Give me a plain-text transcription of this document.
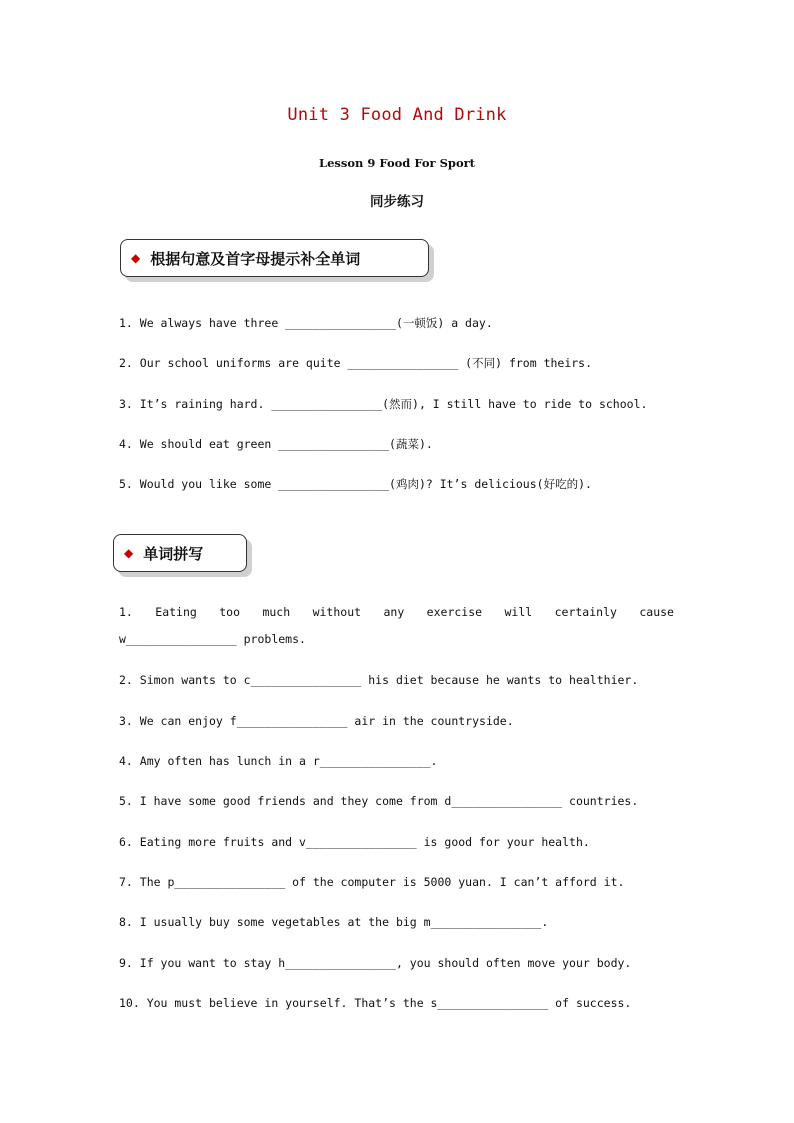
Unit 3 Food And Drink
Lesson 9 Food For Sport
同步练习
◆ 根据句意及首字母提示补全单词
1. We always have three ________________(一顿饭) a day.
2. Our school uniforms are quite ________________ (不同) from theirs.
3. It’s raining hard. ________________(然而), I still have to ride to school.
4. We should eat green ________________(蔬菜).
5. Would you like some ________________(鸡肉)? It’s delicious(好吃的).
◆ 单词拼写
1. Eating too much without any exercise will certainly cause
w________________ problems.
2. Simon wants to c________________ his diet because he wants to healthier.
3. We can enjoy f________________ air in the countryside.
4. Amy often has lunch in a r________________.
5. I have some good friends and they come from d________________ countries.
6. Eating more fruits and v________________ is good for your health.
7. The p________________ of the computer is 5000 yuan. I can’t afford it.
8. I usually buy some vegetables at the big m________________.
9. If you want to stay h________________, you should often move your body.
10. You must believe in yourself. That’s the s________________ of success.
